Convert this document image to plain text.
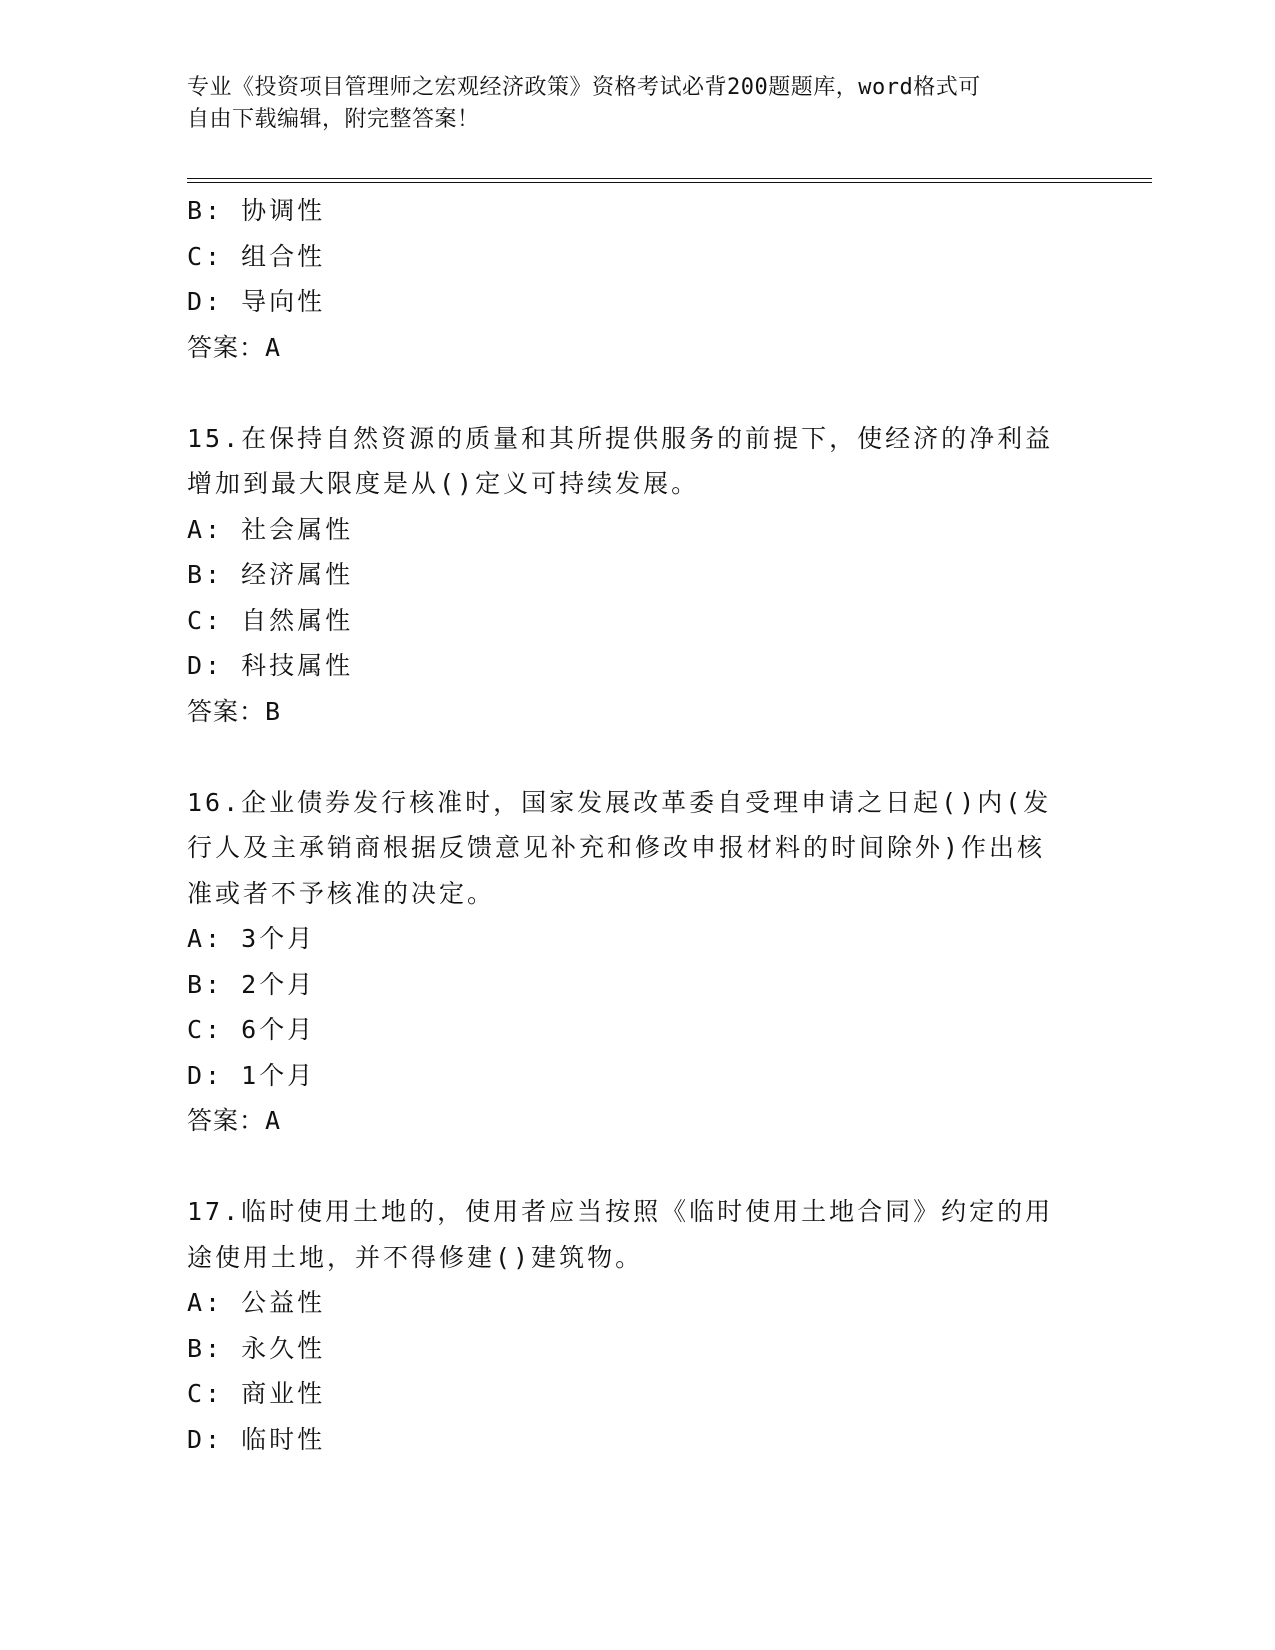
专业《投资项目管理师之宏观经济政策》资格考试必背200题题库，word格式可
自由下载编辑，附完整答案！
B: 协调性
C: 组合性
D: 导向性
答案：A
15.在保持自然资源的质量和其所提供服务的前提下，使经济的净利益
增加到最大限度是从()定义可持续发展。
A: 社会属性
B: 经济属性
C: 自然属性
D: 科技属性
答案：B
16.企业债券发行核准时，国家发展改革委自受理申请之日起()内(发
行人及主承销商根据反馈意见补充和修改申报材料的时间除外)作出核
准或者不予核准的决定。
A: 3个月
B: 2个月
C: 6个月
D: 1个月
答案：A
17.临时使用土地的，使用者应当按照《临时使用土地合同》约定的用
途使用土地，并不得修建()建筑物。
A: 公益性
B: 永久性
C: 商业性
D: 临时性
